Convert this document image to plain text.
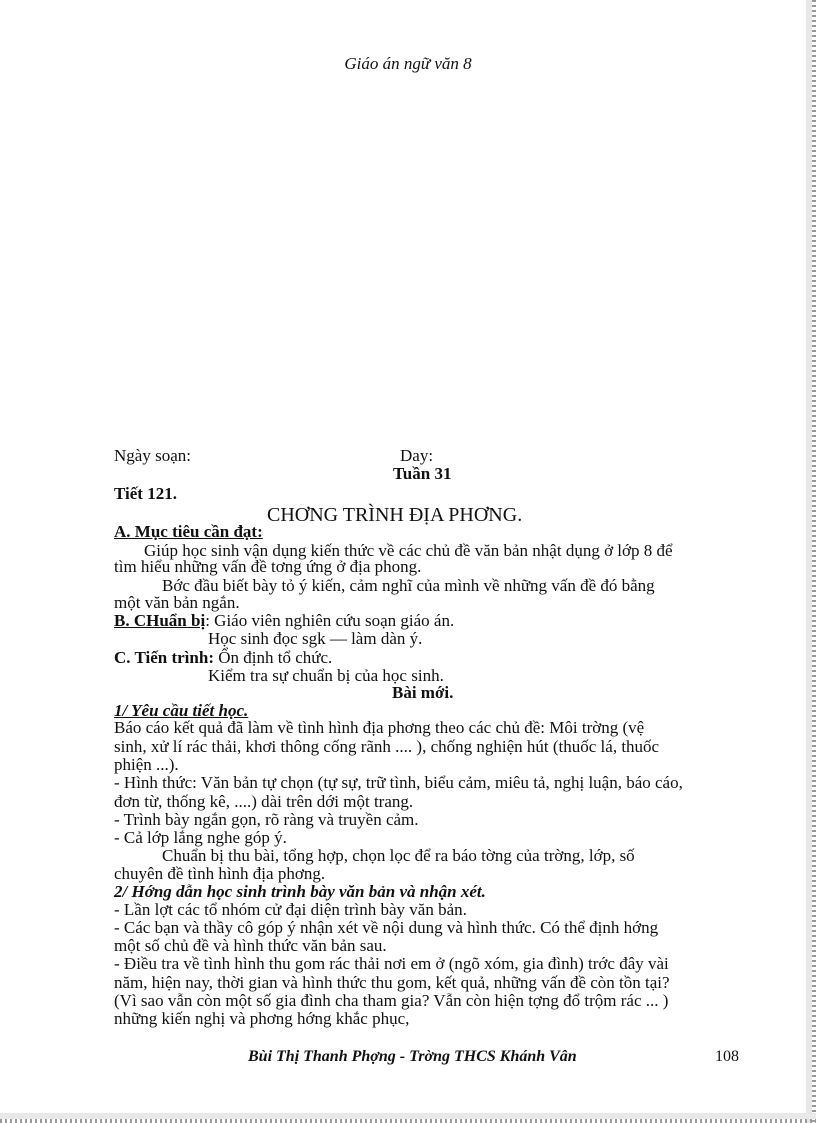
Giáo án ngữ văn 8
Ngày soạn:	Day:
Tuần 31
Tiết 121.
CHƠNG TRÌNH ĐỊA PHƠNG.
A. Mục tiêu cần đạt:
Giúp học sinh vận dụng kiến thức về các chủ đề văn bản nhật dụng ở lớp 8 để
tìm hiểu những vấn đề tơng ứng ở địa phong.
Bớc đầu biết bày tỏ ý kiến, cảm nghĩ của mình về những vấn đề đó bằng
một văn bản ngắn.
B. CHuẩn bị: Giáo viên nghiên cứu soạn giáo án.
Học sinh đọc sgk — làm dàn ý.
C. Tiến trình: Ổn định tổ chức.
Kiểm tra sự chuẩn bị của học sinh.
Bài mới.
1/ Yêu cầu tiết học.
Báo cáo kết quả đã làm về tình hình địa phơng theo các chủ đề: Môi trờng (vệ
sinh, xử lí rác thải, khơi thông cống rãnh .... ), chống nghiện hút (thuốc lá, thuốc
phiện ...).
- Hình thức: Văn bản tự chọn (tự sự, trữ tình, biểu cảm, miêu tả, nghị luận, báo cáo,
đơn từ, thống kê, ....) dài trên dới một trang.
- Trình bày ngắn gọn, rõ ràng và truyền cảm.
- Cả lớp lắng nghe góp ý.
Chuẩn bị thu bài, tổng hợp, chọn lọc để ra báo tờng của trờng, lớp, số
chuyên đề tình hình địa phơng.
2/ Hớng dẫn học sinh trình bày văn bản và nhận xét.
- Lần lợt các tổ nhóm cử đại diện trình bày văn bản.
- Các bạn và thầy cô góp ý nhận xét về nội dung và hình thức. Có thể định hớng
một số chủ đề và hình thức văn bản sau.
- Điều tra về tình hình thu gom rác thải nơi em ở (ngõ xóm, gia đình) trớc đây vài
năm, hiện nay, thời gian và hình thức thu gom, kết quả, những vấn đề còn tồn tại?
(Vì sao vẫn còn một số gia đình cha tham gia? Vẫn còn hiện tợng đổ trộm rác ... )
những kiến nghị và phơng hớng khắc phục,
Bùi Thị Thanh Phợng - Trờng THCS Khánh Vân	108
